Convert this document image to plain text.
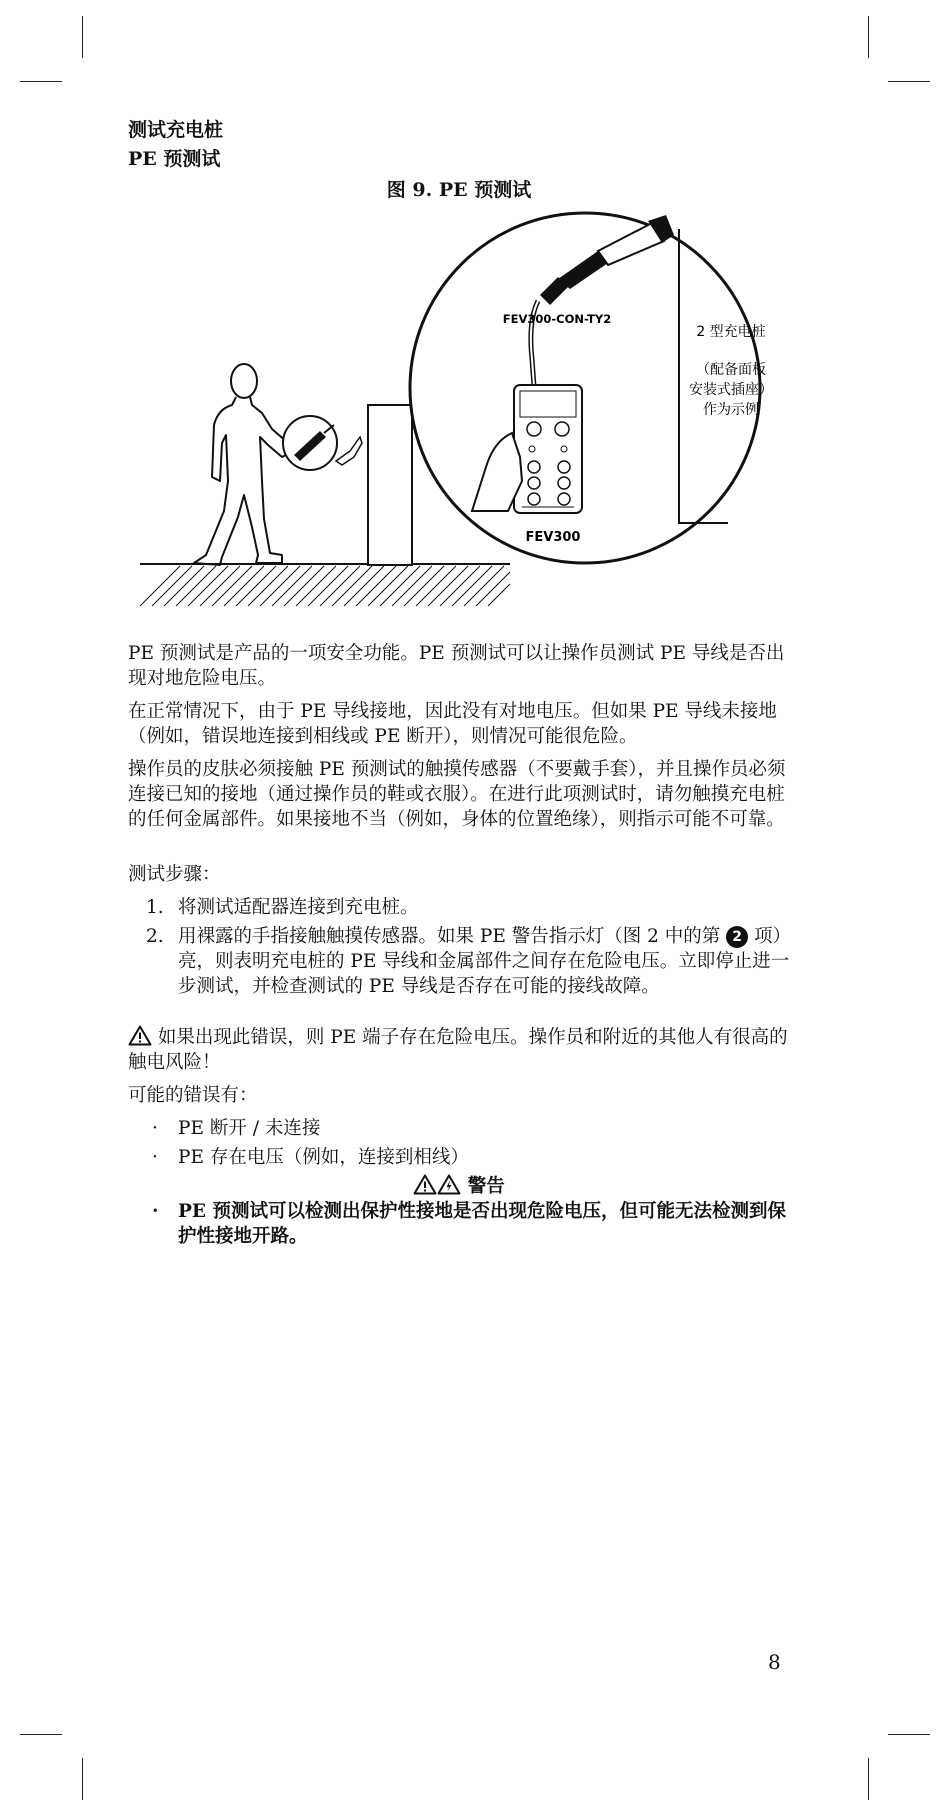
测试充电桩
PE 预测试
图 9. PE 预测试
FEV300-CON-TY2
FEV300
2 型充电桩
（配备面板
安装式插座）
作为示例

PE 预测试是产品的一项安全功能。PE 预测试可以让操作员测试 PE 导线是否出现对地危险电压。

在正常情况下，由于 PE 导线接地，因此没有对地电压。但如果 PE 导线未接地（例如，错误地连接到相线或 PE 断开），则情况可能很危险。

操作员的皮肤必须接触 PE 预测试的触摸传感器（不要戴手套），并且操作员必须连接已知的接地（通过操作员的鞋或衣服）。在进行此项测试时，请勿触摸充电桩的任何金属部件。如果接地不当（例如，身体的位置绝缘），则指示可能不可靠。

测试步骤：

1. 将测试适配器连接到充电桩。
2. 用裸露的手指接触触摸传感器。如果 PE 警告指示灯（图 2 中的第 2 项）亮，则表明充电桩的 PE 导线和金属部件之间存在危险电压。立即停止进一步测试，并检查测试的 PE 导线是否存在可能的接线故障。

如果出现此错误，则 PE 端子存在危险电压。操作员和附近的其他人有很高的触电风险！

可能的错误有：

· PE 断开 / 未连接
· PE 存在电压（例如，连接到相线）
警告
· PE 预测试可以检测出保护性接地是否出现危险电压，但可能无法检测到保护性接地开路。
8
